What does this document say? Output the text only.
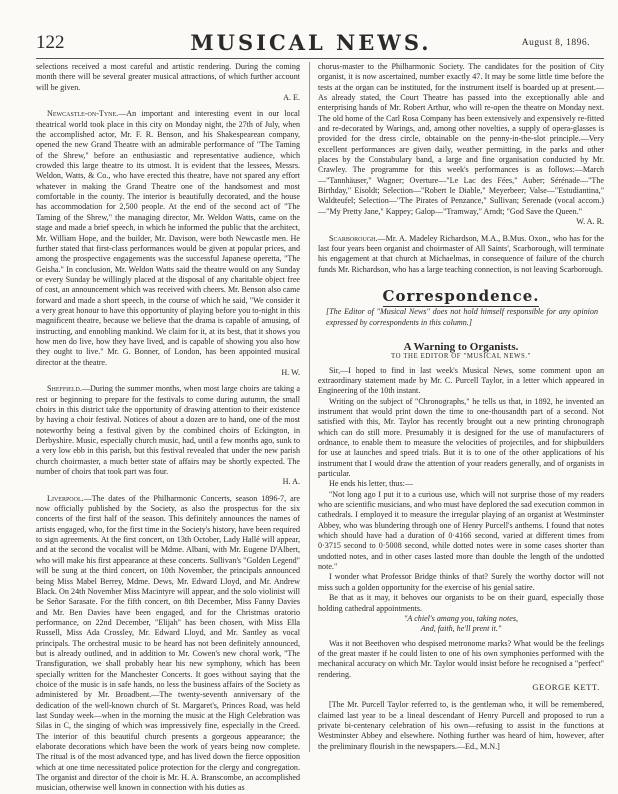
122	MUSICAL NEWS.	August 8, 1896.

selections received a most careful and artistic rendering. During the coming month there will be several greater musical attractions, of which further account will be given.

A. E.

Newcastle-on-Tyne.—An important and interesting event in our local theatrical world took place in this city on Monday night, the 27th of July, when the accomplished actor, Mr. F. R. Benson, and his Shakespearean company, opened the new Grand Theatre with an admirable performance of "The Taming of the Shrew," before an enthusiastic and representative audience, which crowded this large theatre to its utmost. It is evident that the lessees, Messrs. Weldon, Watts, & Co., who have erected this theatre, have not spared any effort whatever in making the Grand Theatre one of the handsomest and most comfortable in the county. The interior is beautifully decorated, and the house has accommodation for 2,500 people. At the end of the second act of "The Taming of the Shrew," the managing director, Mr. Weldon Watts, came on the stage and made a brief speech, in which he informed the public that the architect, Mr. William Hope, and the builder, Mr. Davison, were both Newcastle men. He further stated that first-class performances would be given at popular prices, and among the prospective engagements was the successful Japanese operetta, "The Geisha." In conclusion, Mr. Weldon Watts said the theatre would on any Sunday or every Sunday be willingly placed at the disposal of any charitable object free of cost, an announcement which was received with cheers. Mr. Benson also came forward and made a short speech, in the course of which he said, "We consider it a very great honour to have this opportunity of playing before you to-night in this magnificent theatre, because we believe that the drama is capable of amusing, of instructing, and ennobling mankind. We claim for it, at its best, that it shows you how men do live, how they have lived, and is capable of showing you also how they ought to live." Mr. G. Bonner, of London, has been appointed musical director at the theatre.

H. W.

Sheffield.—During the summer months, when most large choirs are taking a rest or beginning to prepare for the festivals to come during autumn, the small choirs in this district take the opportunity of drawing attention to their existence by having a choir festival. Notices of about a dozen are to hand, one of the most noteworthy being a festival given by the combined choirs of Eckington, in Derbyshire. Music, especially church music, had, until a few months ago, sunk to a very low ebb in this parish, but this festival revealed that under the new parish church choirmaster, a much better state of affairs may be shortly expected. The number of choirs that took part was four.

H. A.

Liverpool.—The dates of the Philharmonic Concerts, season 1896-7, are now officially published by the Society, as also the prospectus for the six concerts of the first half of the season. This definitely announces the names of artists engaged, who, for the first time in the Society's history, have been required to sign agreements. At the first concert, on 13th October, Lady Hallé will appear, and at the second the vocalist will be Mdme. Albani, with Mr. Eugene D'Albert, who will make his first appearance at these concerts. Sullivan's "Golden Legend" will be sung at the third concert, on 10th November, the principals announced being Miss Mabel Berrey, Mdme. Dews, Mr. Edward Lloyd, and Mr. Andrew Black. On 24th November Miss Macintyre will appear, and the solo violinist will be Señor Sarasate. For the fifth concert, on 8th December, Miss Fanny Davies and Mr. Ben Davies have been engaged, and for the Christmas oratorio performance, on 22nd December, "Elijah" has been chosen, with Miss Ella Russell, Miss Ada Crossley, Mr. Edward Lloyd, and Mr. Santley as vocal principals. The orchestral music to be heard has not been definitely announced, but is already outlined, and in addition to Mr. Cowen's new choral work, "The Transfiguration, we shall probably hear his new symphony, which has been specially written for the Manchester Concerts. It goes without saying that the choice of the music is in safe hands, no less the business affairs of the Society as administered by Mr. Broadbent.—The twenty-seventh anniversary of the dedication of the well-known church of St. Margaret's, Princes Road, was held last Sunday week—when in the morning the music at the High Celebration was Silas in C, the singing of which was impressively fine, especially in the Creed. The interior of this beautiful church presents a gorgeous appearance; the elaborate decorations which have been the work of years being now complete. The ritual is of the most advanced type, and has lived down the fierce opposition which at one time necessitated police protection for the clergy and congregation. The organist and director of the choir is Mr. H. A. Branscombe, an accomplished musician, otherwise well known in connection with his duties as

chorus-master to the Philharmonic Society. The candidates for the position of City organist, it is now ascertained, number exactly 47. It may be some little time before the tests at the organ can be instituted, for the instrument itself is boarded up at present.—As already stated, the Court Theatre has passed into the exceptionally able and enterprising hands of Mr. Robert Arthur, who will re-open the theatre on Monday next. The old home of the Carl Rosa Company has been extensively and expensively re-fitted and re-decorated by Warings, and, among other novelties, a supply of opera-glasses is provided for the dress circle, obtainable on the penny-in-the-slot principle.—Very excellent performances are given daily, weather permitting, in the parks and other places by the Constabulary band, a large and fine organisation conducted by Mr. Crawley. The programme for this week's performances is as follows:—March—"Tannhäuser," Wagner; Overture—"Le Lac des Fées," Auber; Sérénade—"The Birthday," Eisoldt; Selection—"Robert le Diable," Meyerbeer; Valse—"Estudiantina," Waldteufel; Selection—"The Pirates of Penzance," Sullivan; Serenade (vocal accom.)—"My Pretty Jane," Kappey; Galop—"Tramway," Arndt; "God Save the Queen."

W. A. R.

Scarborough.—Mr. A. Madeley Richardson, M.A., B.Mus. Oxon., who has for the last four years been organist and choirmaster of All Saints', Scarborough, will terminate his engagement at that church at Michaelmas, in consequence of failure of the church funds Mr. Richardson, who has a large teaching connection, is not leaving Scarborough.

Correspondence.

[The Editor of "Musical News" does not hold himself responsible for any opinion expressed by correspondents in this column.]

A Warning to Organists.
TO THE EDITOR OF "MUSICAL NEWS."

Sir,—I hoped to find in last week's Musical News, some comment upon an extraordinary statement made by Mr. C. Purcell Taylor, in a letter which appeared in Engineering of the 10th instant.

Writing on the subject of "Chronographs," he tells us that, in 1892, he invented an instrument that would print down the time to one-thousandth part of a second. Not satisfied with this, Mr. Taylor has recently brought out a new printing chronograph which can do still more. Presumably it is designed for the use of manufacturers of ordnance, to enable them to measure the velocities of projectiles, and for shipbuilders for use at launches and speed trials. But it is to one of the other applications of his instrument that I would draw the attention of your readers generally, and of organists in particular.

He ends his letter, thus:—

"Not long ago I put it to a curious use, which will not surprise those of my readers who are scientific musicians, and who must have deplored the sad execution common in cathedrals. I employed it to measure the irregular playing of an organist at Westminster Abbey, who was blundering through one of Henry Purcell's anthems. I found that notes which should have had a duration of 0·4166 second, varied at different times from 0·3715 second to 0·5008 second, while dotted notes were in some cases shorter than undotted notes, and in other cases lasted more than double the length of the undotted note."

I wonder what Professor Bridge thinks of that? Surely the worthy doctor will not miss such a golden opportunity for the exercise of his genial satire.

Be that as it may, it behoves our organists to be on their guard, especially those holding cathedral appointments.

"A chiel's amang you, taking notes,

And, faith, he'll prent it."

Was it not Beethoven who despised metronome marks? What would be the feelings of the great master if he could listen to one of his own symphonies performed with the mechanical accuracy on which Mr. Taylor would insist before he recognised a "perfect" rendering.

GEORGE KETT.

[The Mr. Purcell Taylor referred to, is the gentleman who, it will be remembered, claimed last year to be a lineal descendant of Henry Purcell and proposed to run a private bi-centenary celebration of his own—refusing to assist in the functions at Westminster Abbey and elsewhere. Nothing further was heard of him, however, after the preliminary flourish in the newspapers.—Ed., M.N.]
